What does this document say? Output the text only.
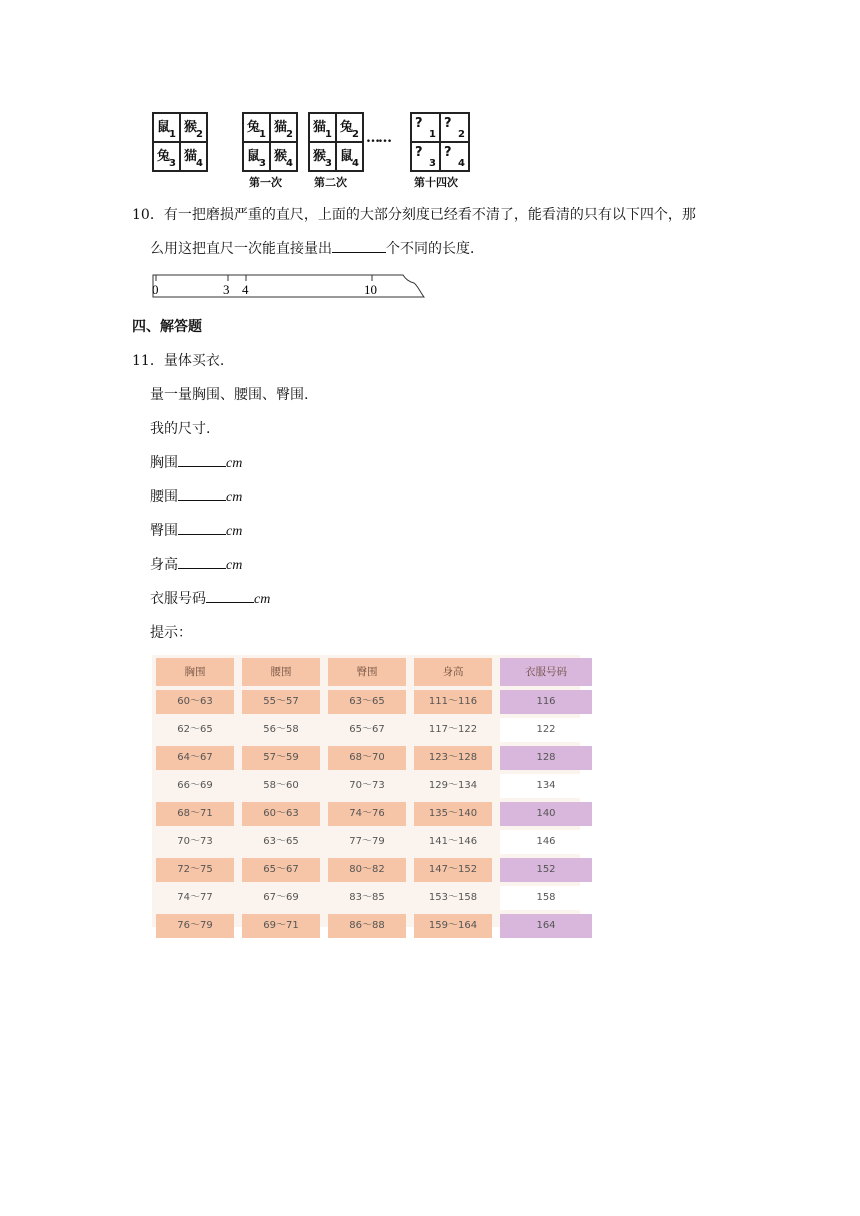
鼠 1 猴 2
兔 3 猫 4
兔 1 猫 2
鼠 3 猴 4
第一次
猫 1 兔 2
猴 3 鼠 4
第二次
……
?
1
?
2
?
3
?
4
第十四次
10．有一把磨损严重的直尺，上面的大部分刻度已经看不清了，能看清的只有以下四个，那
么用这把直尺一次能直接量出	个不同的长度．
0	3 4	10
四、解答题
11．量体买衣.
量一量胸围、腰围、臀围.
我的尺寸.
胸围	cm
腰围	cm
臀围	cm
身高	cm
衣服号码	cm
提示：
胸围	腰围	臀围	身高	衣服号码
60～63	55～57	63～65	111～116	116
62～65	56～58	65～67	117～122	122
64～67	57～59	68～70	123～128	128
66～69	58～60	70～73	129～134	134
68～71	60～63	74～76	135～140	140
70～73	63～65	77～79	141～146	146
72～75	65～67	80～82	147～152	152
74～77	67～69	83～85	153～158	158
76～79	69～71	86～88	159～164	164
